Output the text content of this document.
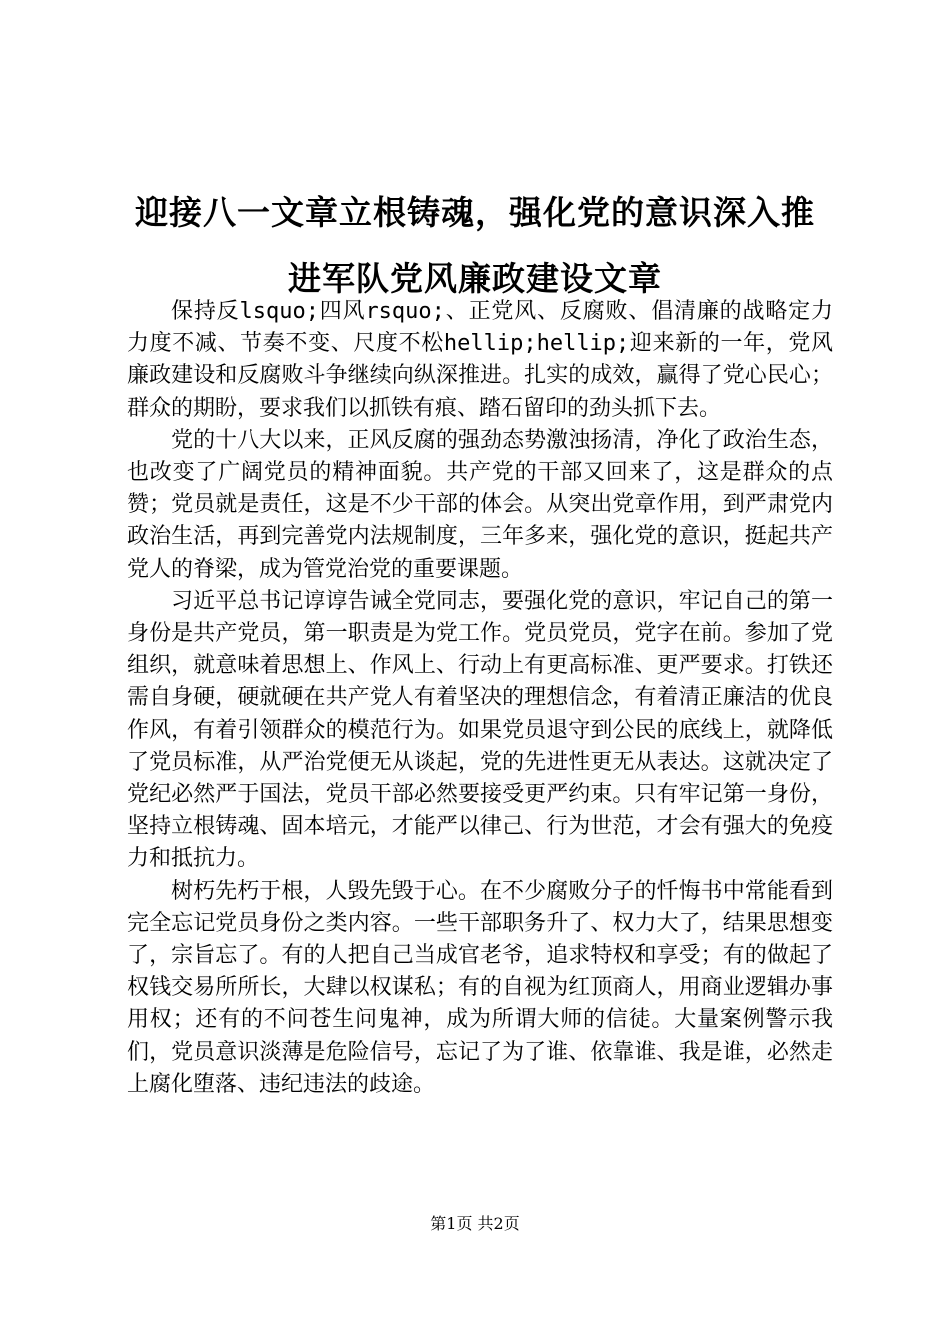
迎接八一文章立根铸魂，强化党的意识深入推
进军队党风廉政建设文章

保持反lsquo;四风rsquo;、正党风、反腐败、倡清廉的战略定力力度不减、节奏不变、尺度不松hellip;hellip;迎来新的一年，党风廉政建设和反腐败斗争继续向纵深推进。扎实的成效，赢得了党心民心；群众的期盼，要求我们以抓铁有痕、踏石留印的劲头抓下去。

党的十八大以来，正风反腐的强劲态势激浊扬清，净化了政治生态，也改变了广阔党员的精神面貌。共产党的干部又回来了，这是群众的点赞；党员就是责任，这是不少干部的体会。从突出党章作用，到严肃党内政治生活，再到完善党内法规制度，三年多来，强化党的意识，挺起共产党人的脊梁，成为管党治党的重要课题。

习近平总书记谆谆告诫全党同志，要强化党的意识，牢记自己的第一身份是共产党员，第一职责是为党工作。党员党员，党字在前。参加了党组织，就意味着思想上、作风上、行动上有更高标准、更严要求。打铁还需自身硬，硬就硬在共产党人有着坚决的理想信念，有着清正廉洁的优良作风，有着引领群众的模范行为。如果党员退守到公民的底线上，就降低了党员标准，从严治党便无从谈起，党的先进性更无从表达。这就决定了党纪必然严于国法，党员干部必然要接受更严约束。只有牢记第一身份，坚持立根铸魂、固本培元，才能严以律己、行为世范，才会有强大的免疫力和抵抗力。

树朽先朽于根，人毁先毁于心。在不少腐败分子的忏悔书中常能看到完全忘记党员身份之类内容。一些干部职务升了、权力大了，结果思想变了，宗旨忘了。有的人把自己当成官老爷，追求特权和享受；有的做起了权钱交易所所长，大肆以权谋私；有的自视为红顶商人，用商业逻辑办事用权；还有的不问苍生问鬼神，成为所谓大师的信徒。大量案例警示我们，党员意识淡薄是危险信号，忘记了为了谁、依靠谁、我是谁，必然走上腐化堕落、违纪违法的歧途。

第1页 共2页
